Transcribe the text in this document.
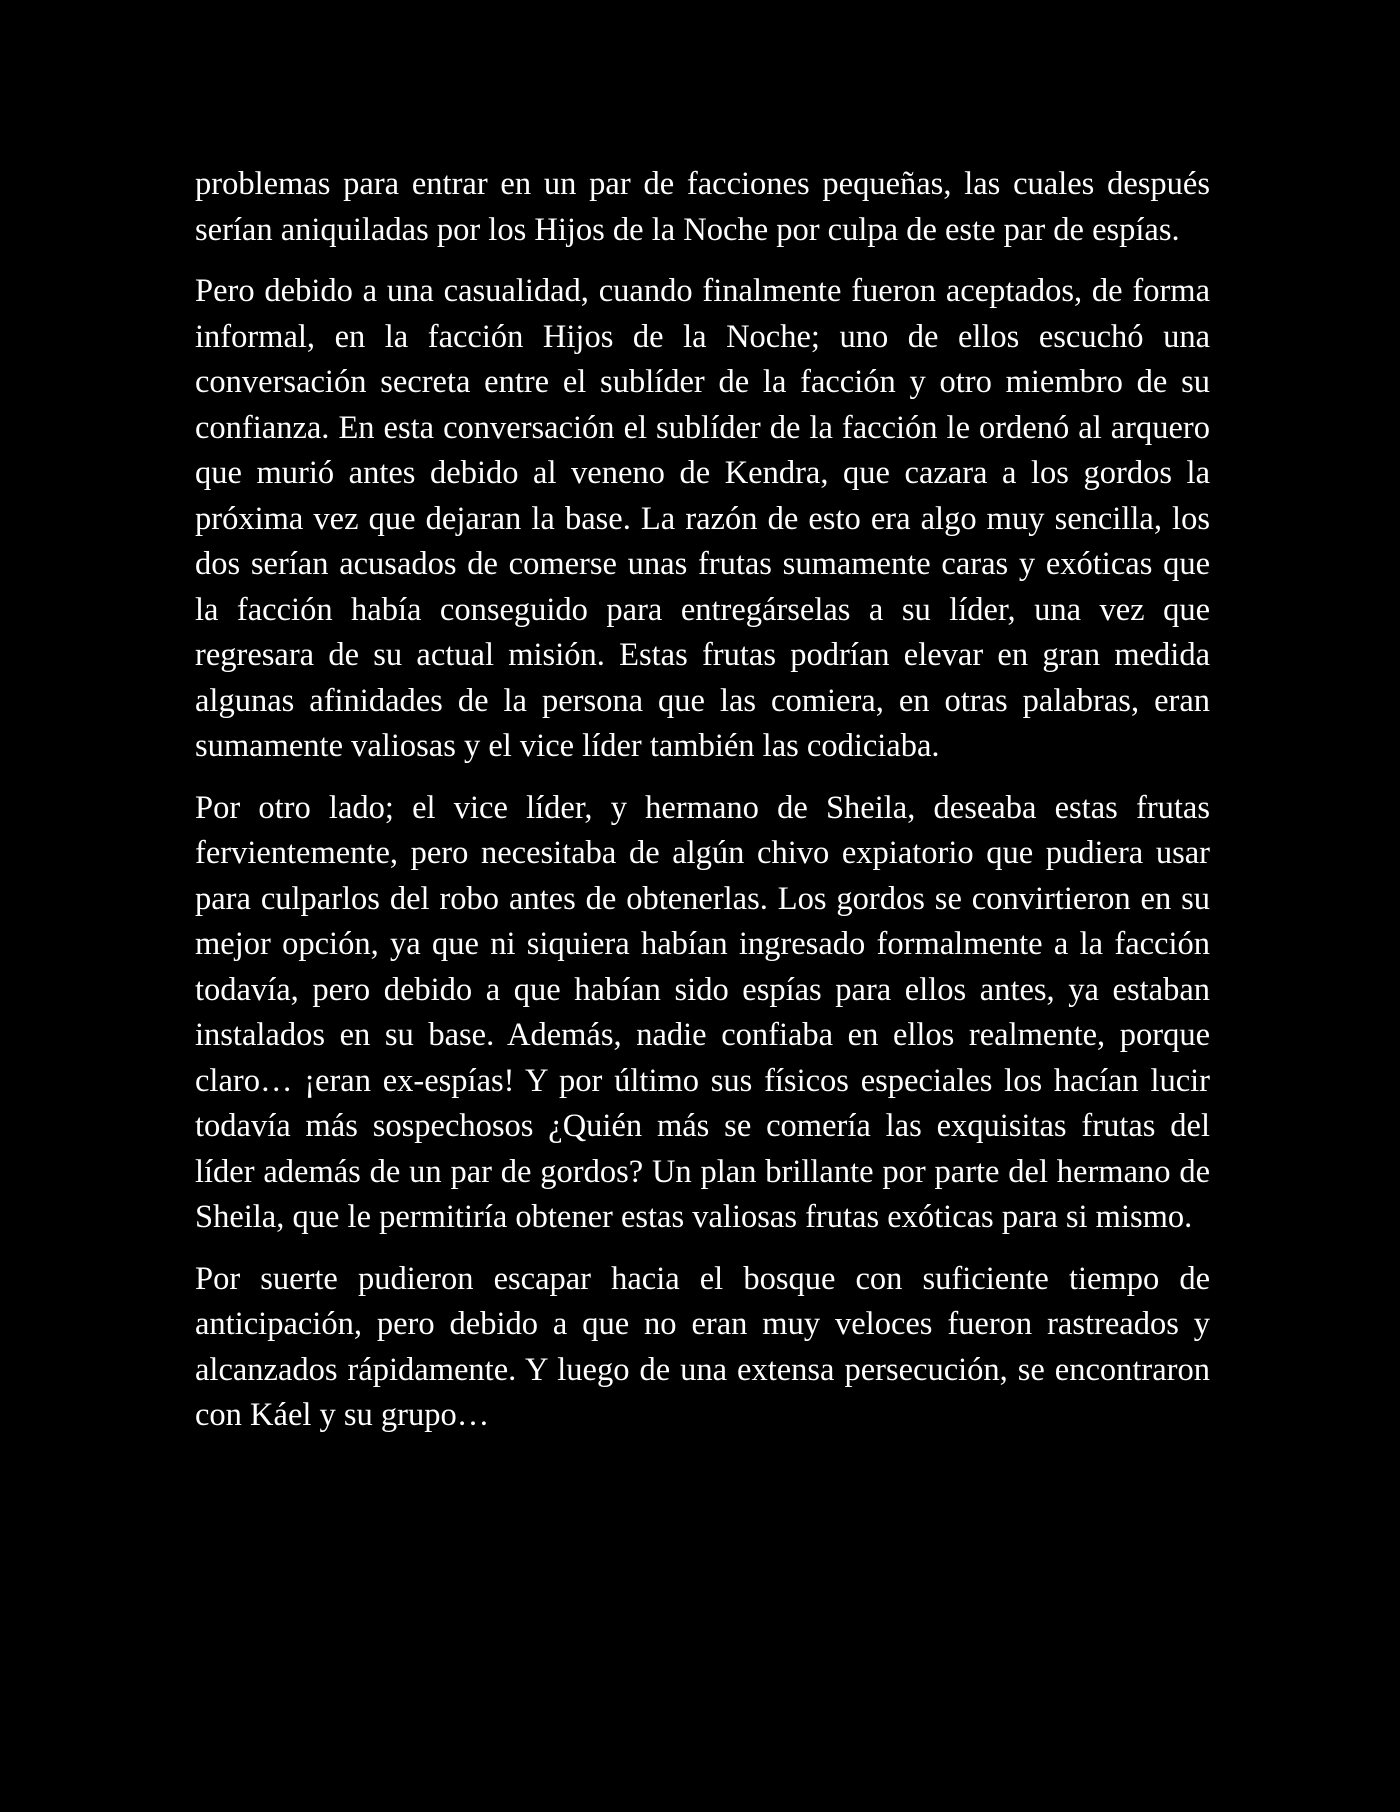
problemas para entrar en un par de facciones pequeñas, las cuales después serían aniquiladas por los Hijos de la Noche por culpa de este par de espías.

Pero debido a una casualidad, cuando finalmente fueron aceptados, de forma informal, en la facción Hijos de la Noche; uno de ellos escuchó una conversación secreta entre el sublíder de la facción y otro miembro de su confianza. En esta conversación el sublíder de la facción le ordenó al arquero que murió antes debido al veneno de Kendra, que cazara a los gordos la próxima vez que dejaran la base. La razón de esto era algo muy sencilla, los dos serían acusados de comerse unas frutas sumamente caras y exóticas que la facción había conseguido para entregárselas a su líder, una vez que regresara de su actual misión. Estas frutas podrían elevar en gran medida algunas afinidades de la persona que las comiera, en otras palabras, eran sumamente valiosas y el vice líder también las codiciaba.

Por otro lado; el vice líder, y hermano de Sheila, deseaba estas frutas fervientemente, pero necesitaba de algún chivo expiatorio que pudiera usar para culparlos del robo antes de obtenerlas. Los gordos se convirtieron en su mejor opción, ya que ni siquiera habían ingresado formalmente a la facción todavía, pero debido a que habían sido espías para ellos antes, ya estaban instalados en su base. Además, nadie confiaba en ellos realmente, porque claro… ¡eran ex-espías! Y por último sus físicos especiales los hacían lucir todavía más sospechosos ¿Quién más se comería las exquisitas frutas del líder además de un par de gordos? Un plan brillante por parte del hermano de Sheila, que le permitiría obtener estas valiosas frutas exóticas para si mismo.

Por suerte pudieron escapar hacia el bosque con suficiente tiempo de anticipación, pero debido a que no eran muy veloces fueron rastreados y alcanzados rápidamente. Y luego de una extensa persecución, se encontraron con Káel y su grupo…
